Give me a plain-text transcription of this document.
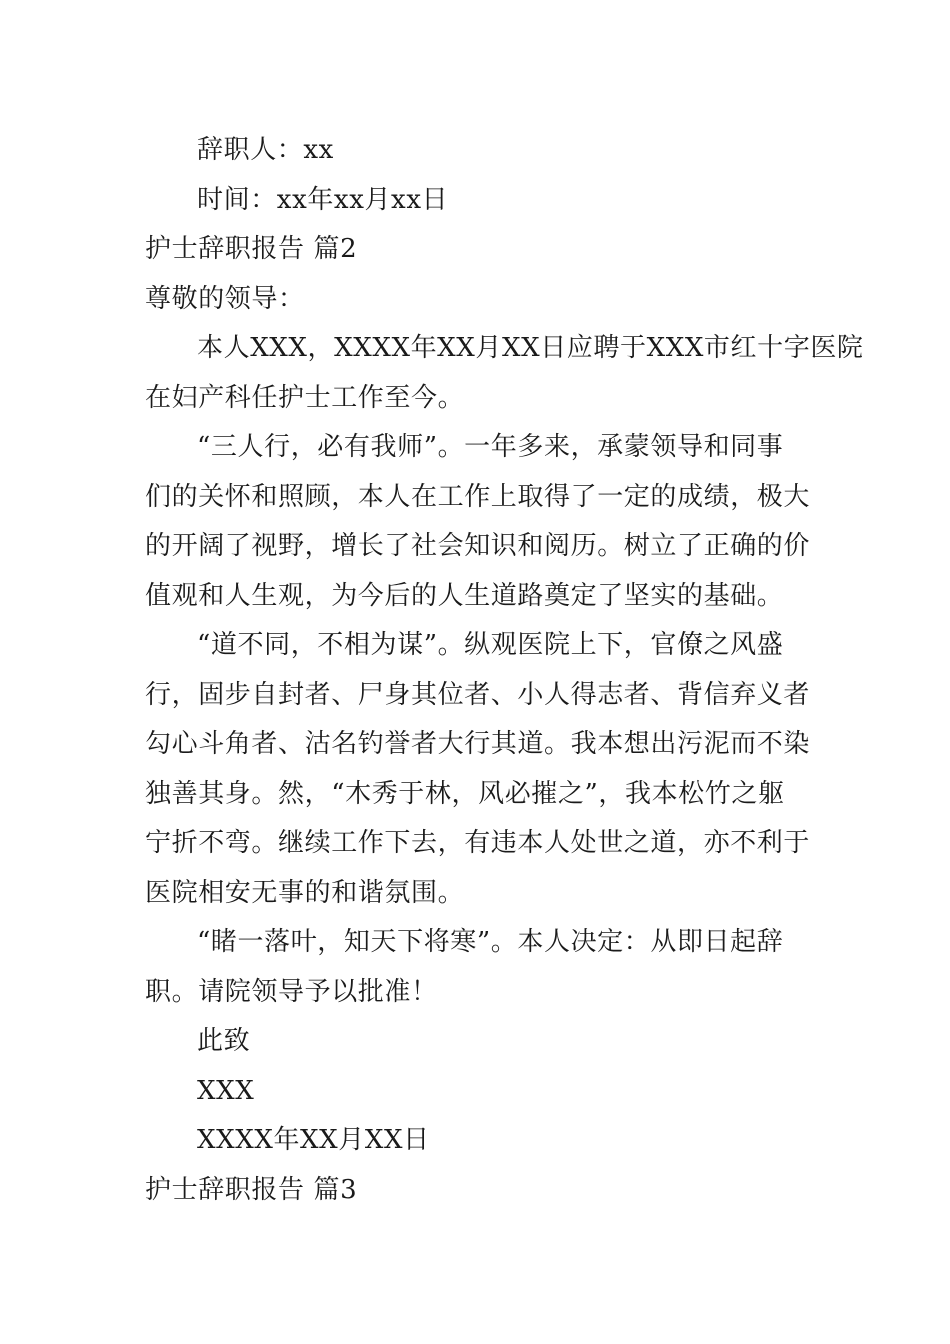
辞职人：xx
时间：xx年xx月xx日
护士辞职报告 篇2
尊敬的领导：
本人XXX，XXXX年XX月XX日应聘于XXX市红十字医院
在妇产科任护士工作至今。
“三人行，必有我师”。一年多来，承蒙领导和同事
们的关怀和照顾，本人在工作上取得了一定的成绩，极大
的开阔了视野，增长了社会知识和阅历。树立了正确的价
值观和人生观，为今后的人生道路奠定了坚实的基础。
“道不同，不相为谋”。纵观医院上下，官僚之风盛
行，固步自封者、尸身其位者、小人得志者、背信弃义者
勾心斗角者、沽名钓誉者大行其道。我本想出污泥而不染
独善其身。然，“木秀于林，风必摧之”，我本松竹之躯
宁折不弯。继续工作下去，有违本人处世之道，亦不利于
医院相安无事的和谐氛围。
“睹一落叶，知天下将寒”。本人决定：从即日起辞
职。请院领导予以批准！
此致
XXX
XXXX年XX月XX日
护士辞职报告 篇3
